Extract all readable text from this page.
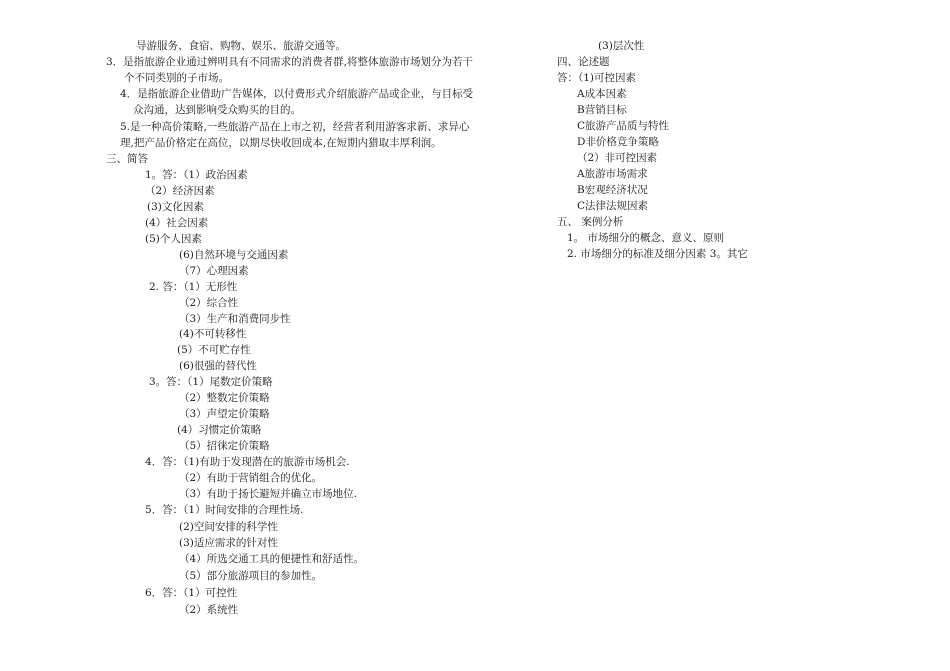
导游服务、食宿、购物、娱乐、旅游交通等。
3．是指旅游企业通过辨明具有不同需求的消费者群,将整体旅游市场划分为若干
个不同类别的子市场。
4．是指旅游企业借助广告媒体，以付费形式介绍旅游产品或企业，与目标受
众沟通，达到影响受众购买的目的。
5.是一种高价策略,一些旅游产品在上市之初，经营者利用游客求新、求异心
理,把产品价格定在高位，以期尽快收回成本,在短期内猎取丰厚利润。
三、简答
1。答：（1）政治因素
（2）经济因素
(3)文化因素
(4）社会因素
(5)个人因素
(6)自然环境与交通因素
（7）心理因素
2. 答：（1）无形性
（2）综合性
（3）生产和消费同步性
(4)不可转移性
(5）不可贮存性
(6)很强的替代性
3。答：（1）尾数定价策略
（2）整数定价策略
（3）声望定价策略
(4）习惯定价策略
（5）招徕定价策略
4．答：（1)有助于发现潜在的旅游市场机会.
（2）有助于营销组合的优化。
（3）有助于扬长避短并确立市场地位.
5．答：（1）时间安排的合理性场.
(2)空间安排的科学性
(3)适应需求的针对性
（4）所选交通工具的便捷性和舒适性。
（5）部分旅游项目的参加性。
6．答：（1）可控性
（2）系统性
(3)层次性
四、论述题
答：（1)可控因素
A成本因素
B营销目标
C旅游产品质与特性
D非价格竞争策略
（2）非可控因素
A旅游市场需求
B宏观经济状况
C法律法规因素
五、 案例分析
1。 市场细分的概念、意义、原则
2. 市场细分的标准及细分因素 3。其它
